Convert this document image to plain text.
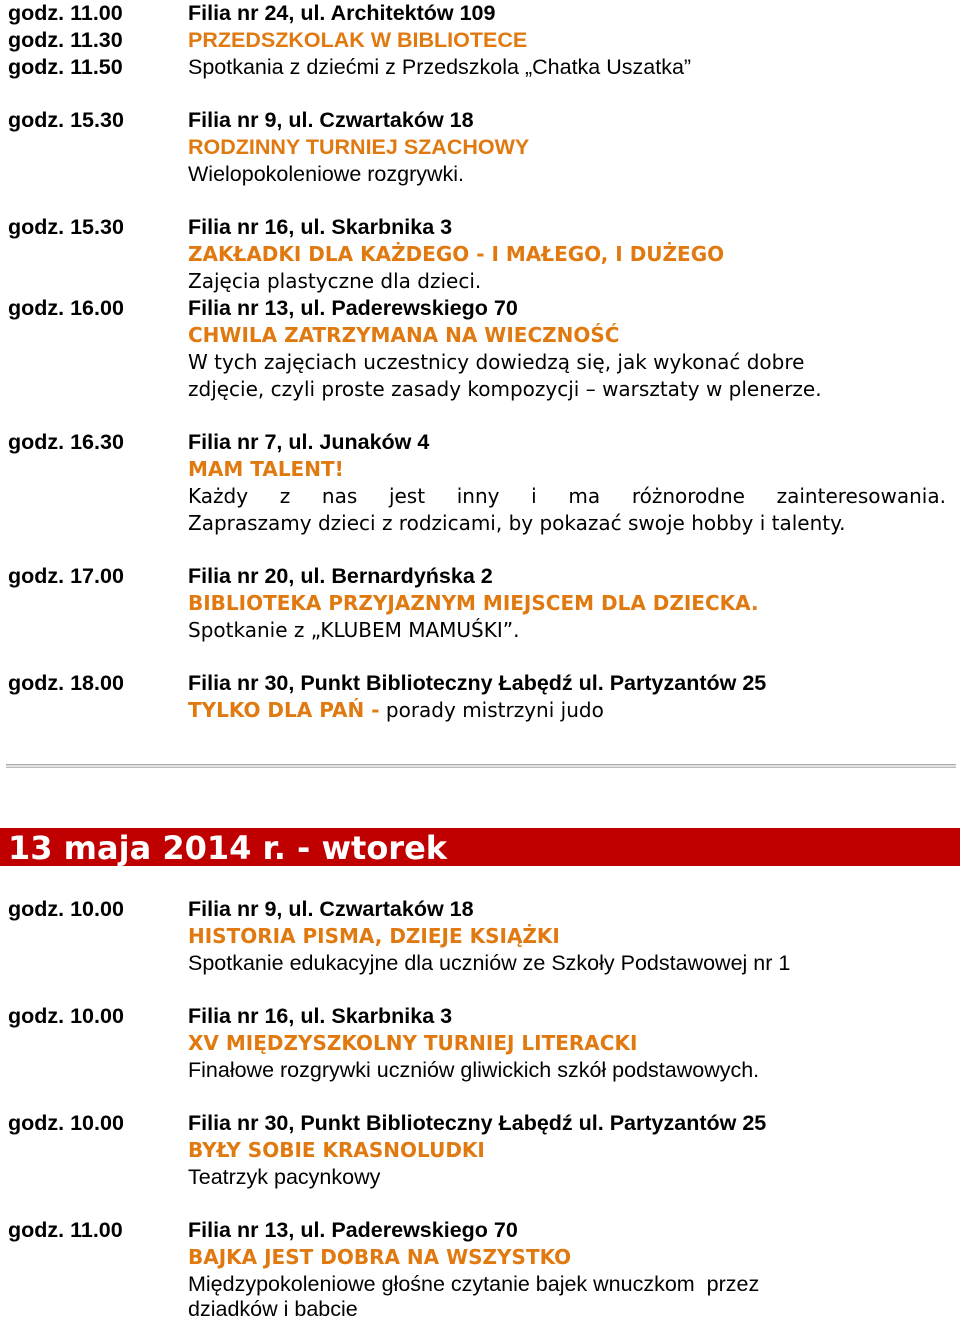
godz. 11.00	Filia nr 24, ul. Architektów 109
godz. 11.30	PRZEDSZKOLAK W BIBLIOTECE
godz. 11.50	Spotkania z dziećmi z Przedszkola „Chatka Uszatka”
godz. 15.30	Filia nr 9, ul. Czwartaków 18
RODZINNY TURNIEJ SZACHOWY
Wielopokoleniowe rozgrywki.
godz. 15.30	Filia nr 16, ul. Skarbnika 3
ZAKŁADKI DLA KAŻDEGO - I MAŁEGO, I DUŻEGO
Zajęcia plastyczne dla dzieci.
godz. 16.00	Filia nr 13, ul. Paderewskiego 70
CHWILA ZATRZYMANA NA WIECZNOŚĆ
W tych zajęciach uczestnicy dowiedzą się, jak wykonać dobre
zdjęcie, czyli proste zasady kompozycji – warsztaty w plenerze.
godz. 16.30	Filia nr 7, ul. Junaków 4
MAM TALENT!
Każdy z nas jest inny i ma różnorodne zainteresowania.
Zapraszamy dzieci z rodzicami, by pokazać swoje hobby i talenty.
godz. 17.00	Filia nr 20, ul. Bernardyńska 2
BIBLIOTEKA PRZYJAZNYM MIEJSCEM DLA DZIECKA.
Spotkanie z „KLUBEM MAMUŚKI”.
godz. 18.00	Filia nr 30, Punkt Biblioteczny Łabędź ul. Partyzantów 25
TYLKO DLA PAŃ - porady mistrzyni judo
13 maja 2014 r. - wtorek
godz. 10.00	Filia nr 9, ul. Czwartaków 18
HISTORIA PISMA, DZIEJE KSIĄŻKI
Spotkanie edukacyjne dla uczniów ze Szkoły Podstawowej nr 1
godz. 10.00	Filia nr 16, ul. Skarbnika 3
XV MIĘDZYSZKOLNY TURNIEJ LITERACKI
Finałowe rozgrywki uczniów gliwickich szkół podstawowych.
godz. 10.00	Filia nr 30, Punkt Biblioteczny Łabędź ul. Partyzantów 25
BYŁY SOBIE KRASNOLUDKI
Teatrzyk pacynkowy
godz. 11.00	Filia nr 13, ul. Paderewskiego 70
BAJKA JEST DOBRA NA WSZYSTKO
Międzypokoleniowe głośne czytanie bajek wnuczkom  przez
dziadków i babcie
